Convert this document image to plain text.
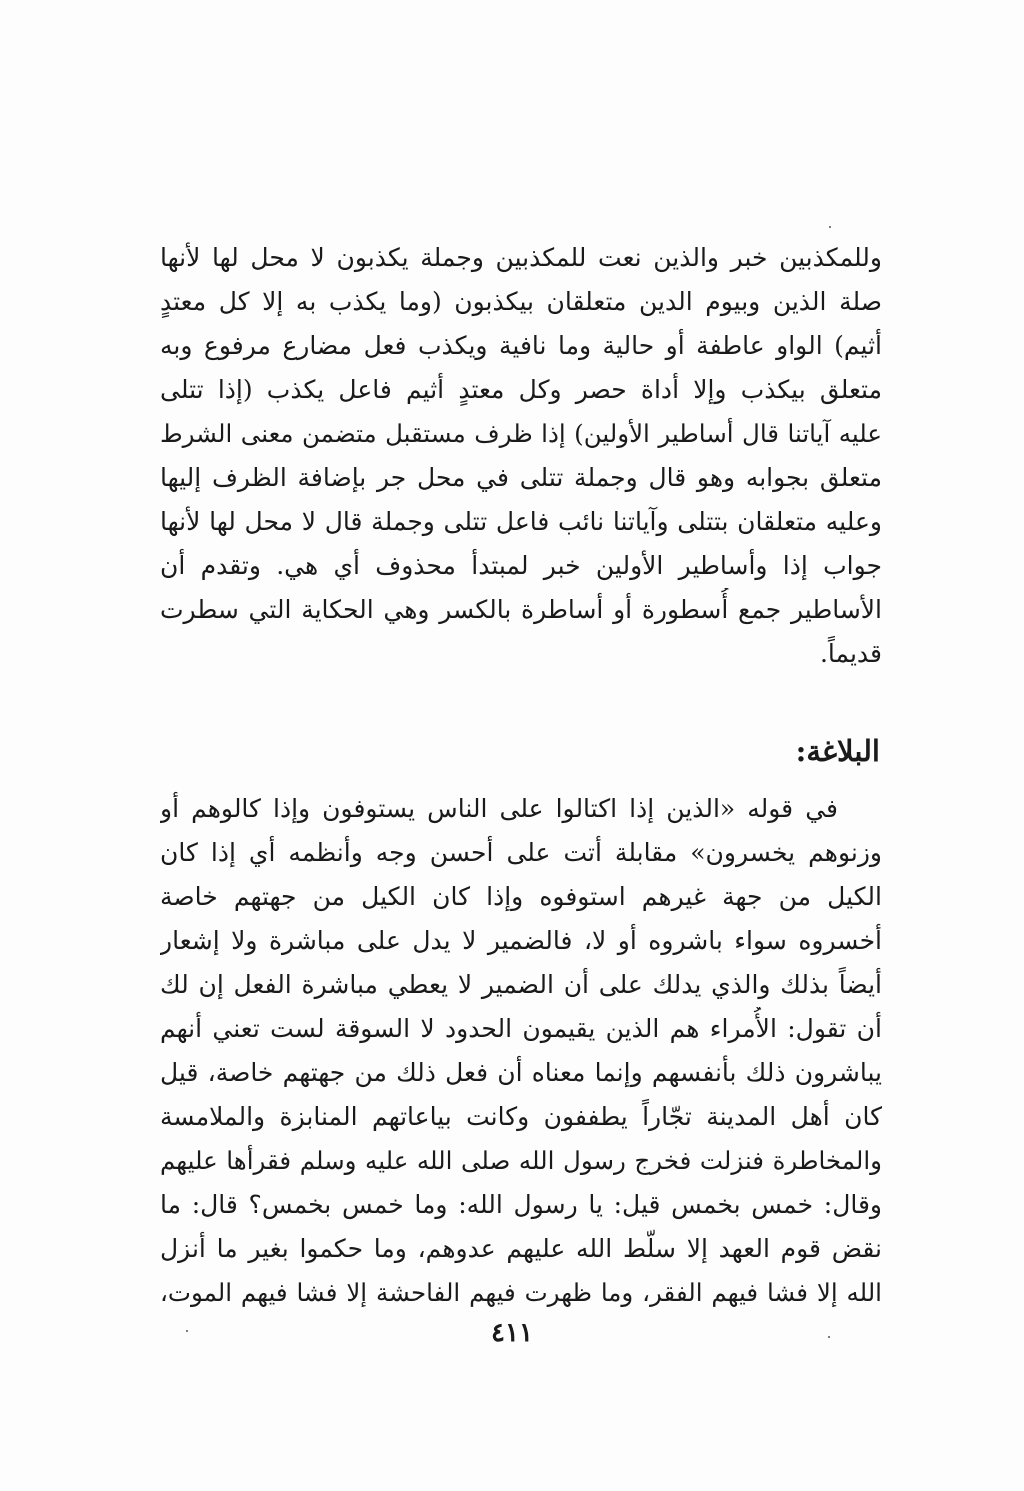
وللمكذبين خبر والذين نعت للمكذبين وجملة يكذبون لا محل لها لأنها
صلة الذين وبيوم الدين متعلقان بيكذبون (وما يكذب به إلا كل معتدٍ
أثيم) الواو عاطفة أو حالية وما نافية ويكذب فعل مضارع مرفوع وبه
متعلق بيكذب وإلا أداة حصر وكل معتدٍ أثيم فاعل يكذب (إذا تتلى
عليه آياتنا قال أساطير الأولين) إذا ظرف مستقبل متضمن معنى الشرط
متعلق بجوابه وهو قال وجملة تتلى في محل جر بإضافة الظرف إليها
وعليه متعلقان بتتلى وآياتنا نائب فاعل تتلى وجملة قال لا محل لها لأنها
جواب إذا وأساطير الأولين خبر لمبتدأ محذوف أي هي. وتقدم أن
الأساطير جمع أُسطورة أو أساطرة بالكسر وهي الحكاية التي سطرت
قديماً.
البلاغة:
في قوله «الذين إذا اكتالوا على الناس يستوفون وإذا كالوهم أو
وزنوهم يخسرون» مقابلة أتت على أحسن وجه وأنظمه أي إذا كان
الكيل من جهة غيرهم استوفوه وإذا كان الكيل من جهتهم خاصة
أخسروه سواء باشروه أو لا، فالضمير لا يدل على مباشرة ولا إشعار
أيضاً بذلك والذي يدلك على أن الضمير لا يعطي مباشرة الفعل إن لك
أن تقول: الأُمراء هم الذين يقيمون الحدود لا السوقة لست تعني أنهم
يباشرون ذلك بأنفسهم وإنما معناه أن فعل ذلك من جهتهم خاصة، قيل
كان أهل المدينة تجّاراً يطففون وكانت بياعاتهم المنابزة والملامسة
والمخاطرة فنزلت فخرج رسول الله صلى الله عليه وسلم فقرأها عليهم
وقال: خمس بخمس قيل: يا رسول الله: وما خمس بخمس؟ قال: ما
نقض قوم العهد إلا سلّط الله عليهم عدوهم، وما حكموا بغير ما أنزل
الله إلا فشا فيهم الفقر، وما ظهرت فيهم الفاحشة إلا فشا فيهم الموت،
٤١١
